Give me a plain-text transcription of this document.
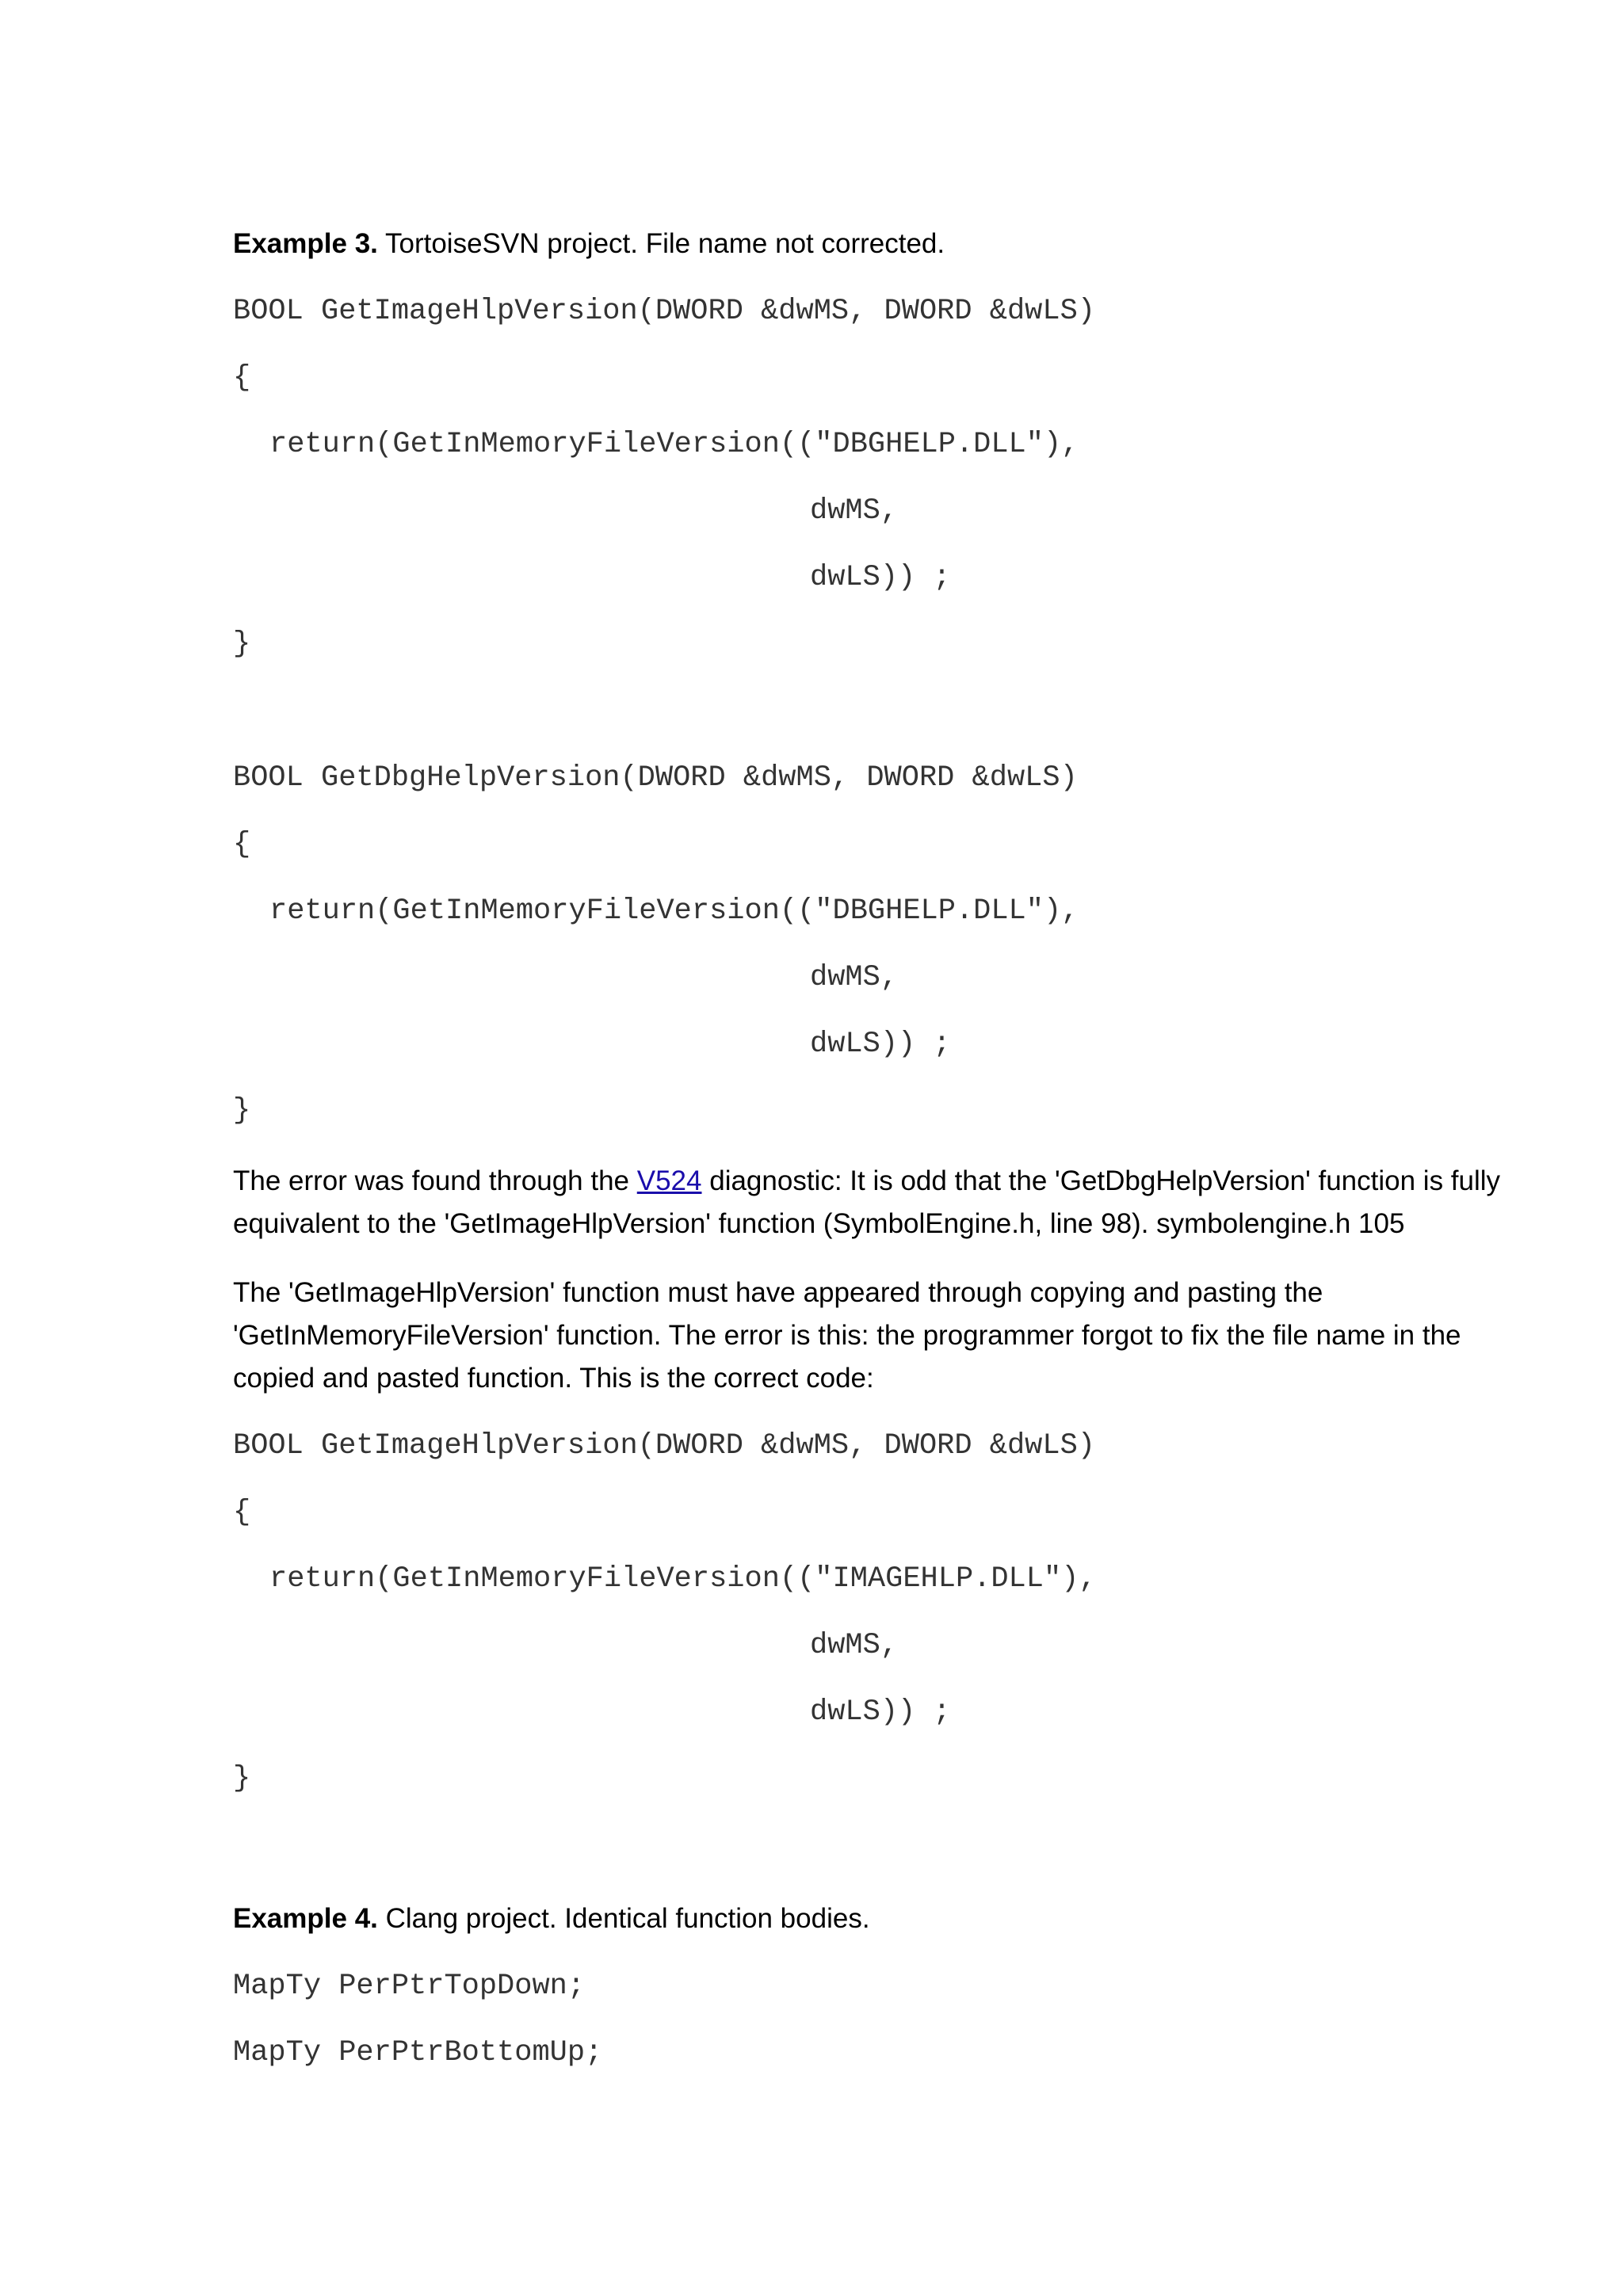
Example 3. TortoiseSVN project. File name not corrected.
BOOL GetImageHlpVersion(DWORD &dwMS, DWORD &dwLS)
{
return(GetInMemoryFileVersion(("DBGHELP.DLL"),
dwMS,
dwLS)) ;
}
BOOL GetDbgHelpVersion(DWORD &dwMS, DWORD &dwLS)
{
return(GetInMemoryFileVersion(("DBGHELP.DLL"),
dwMS,
dwLS)) ;
}
The error was found through the V524 diagnostic: It is odd that the 'GetDbgHelpVersion' function is fully equivalent to the 'GetImageHlpVersion' function (SymbolEngine.h, line 98). symbolengine.h 105
The 'GetImageHlpVersion' function must have appeared through copying and pasting the 'GetInMemoryFileVersion' function. The error is this: the programmer forgot to fix the file name in the copied and pasted function. This is the correct code:
BOOL GetImageHlpVersion(DWORD &dwMS, DWORD &dwLS)
{
return(GetInMemoryFileVersion(("IMAGEHLP.DLL"),
dwMS,
dwLS)) ;
}
Example 4. Clang project. Identical function bodies.
MapTy PerPtrTopDown;
MapTy PerPtrBottomUp;
